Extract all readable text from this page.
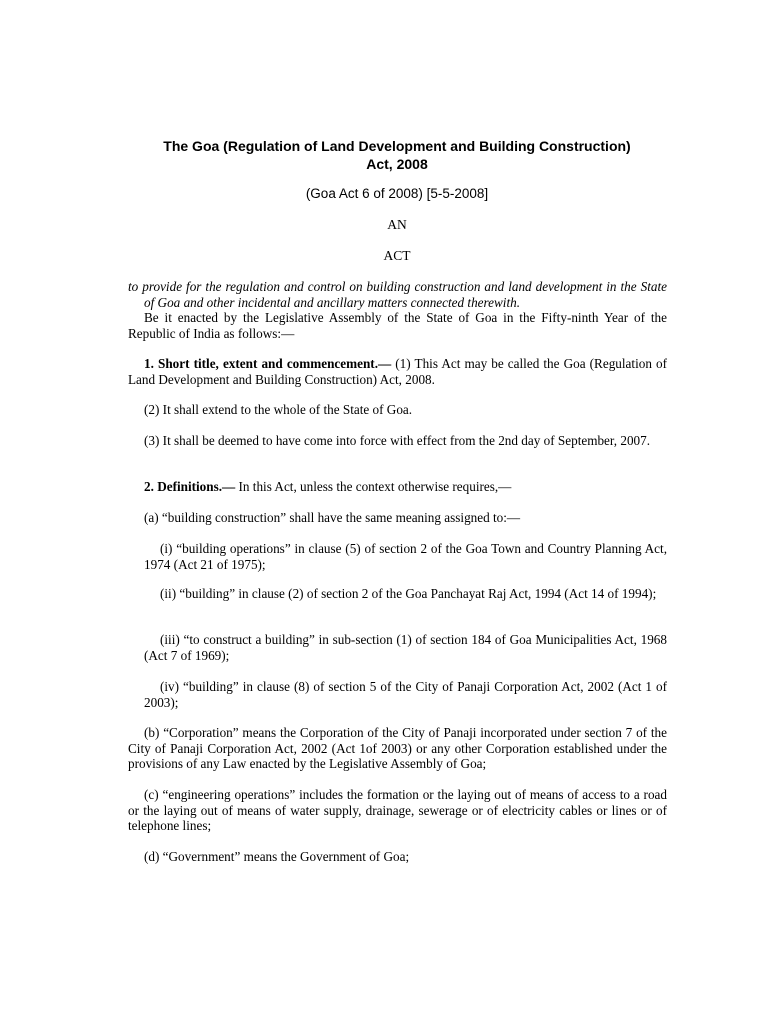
The Goa (Regulation of Land Development and Building Construction)
Act, 2008
(Goa Act 6 of 2008) [5-5-2008]
AN
ACT
to provide for the regulation and control on building construction and land development in the State of Goa and other incidental and ancillary matters connected therewith.
Be it enacted by the Legislative Assembly of the State of Goa in the Fifty-ninth Year of the Republic of India as follows:—
1. Short title, extent and commencement.— (1) This Act may be called the Goa (Regulation of Land Development and Building Construction) Act, 2008.
(2) It shall extend to the whole of the State of Goa.
(3) It shall be deemed to have come into force with effect from the 2nd day of September, 2007.
2. Definitions.— In this Act, unless the context otherwise requires,—
(a) “building construction” shall have the same meaning assigned to:—
(i) “building operations” in clause (5) of section 2 of the Goa Town and Country Planning Act, 1974 (Act 21 of 1975);
(ii) “building” in clause (2) of section 2 of the Goa Panchayat Raj Act, 1994 (Act 14 of 1994);
(iii) “to construct a building” in sub-section (1) of section 184 of Goa Municipalities Act, 1968 (Act 7 of 1969);
(iv) “building” in clause (8) of section 5 of the City of Panaji Corporation Act, 2002 (Act 1 of 2003);
(b) “Corporation” means the Corporation of the City of Panaji incorporated under section 7 of the City of Panaji Corporation Act, 2002 (Act 1of 2003) or any other Corporation established under the provisions of any Law enacted by the Legislative Assembly of Goa;
(c) “engineering operations” includes the formation or the laying out of means of access to a road or the laying out of means of water supply, drainage, sewerage or of electricity cables or lines or of telephone lines;
(d) “Government” means the Government of Goa;
